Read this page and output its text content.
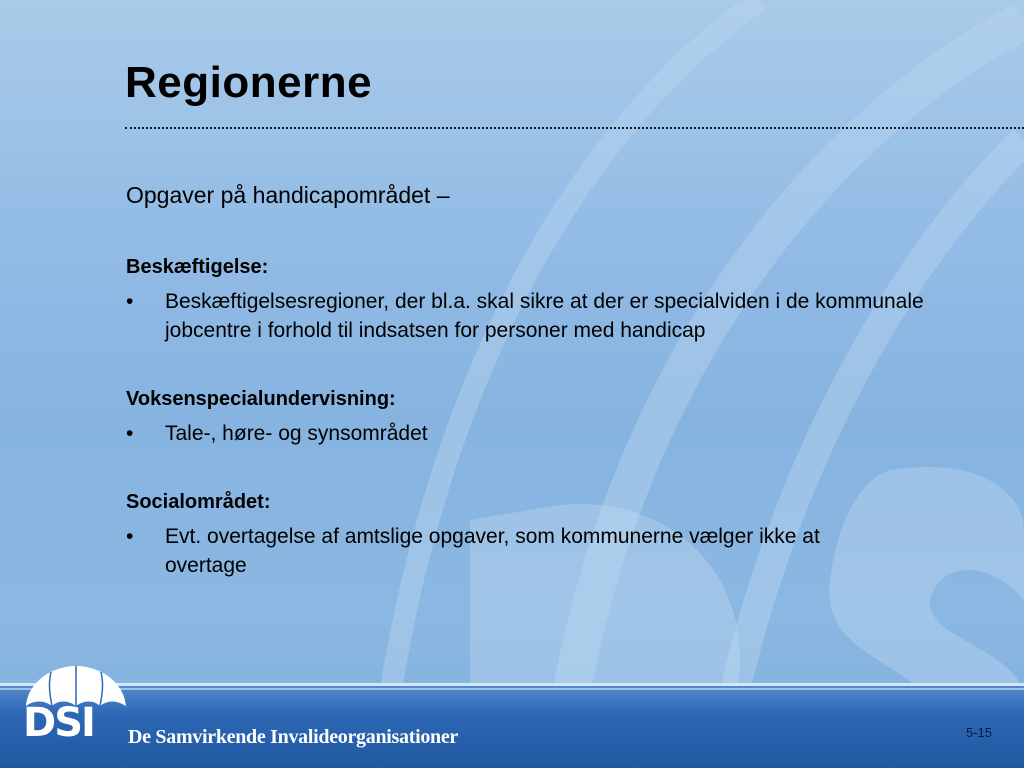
Regionerne

Opgaver på handicapområdet –

Beskæftigelse:

• Beskæftigelsesregioner, der bl.a. skal sikre at der er specialviden i de kommunale jobcentre i forhold til indsatsen for personer med handicap

Voksenspecialundervisning:

• Tale-, høre- og synsområdet

Socialområdet:

• Evt. overtagelse af amtslige opgaver, som kommunerne vælger ikke at overtage

DSI De Samvirkende Invalideorganisationer	5-15
